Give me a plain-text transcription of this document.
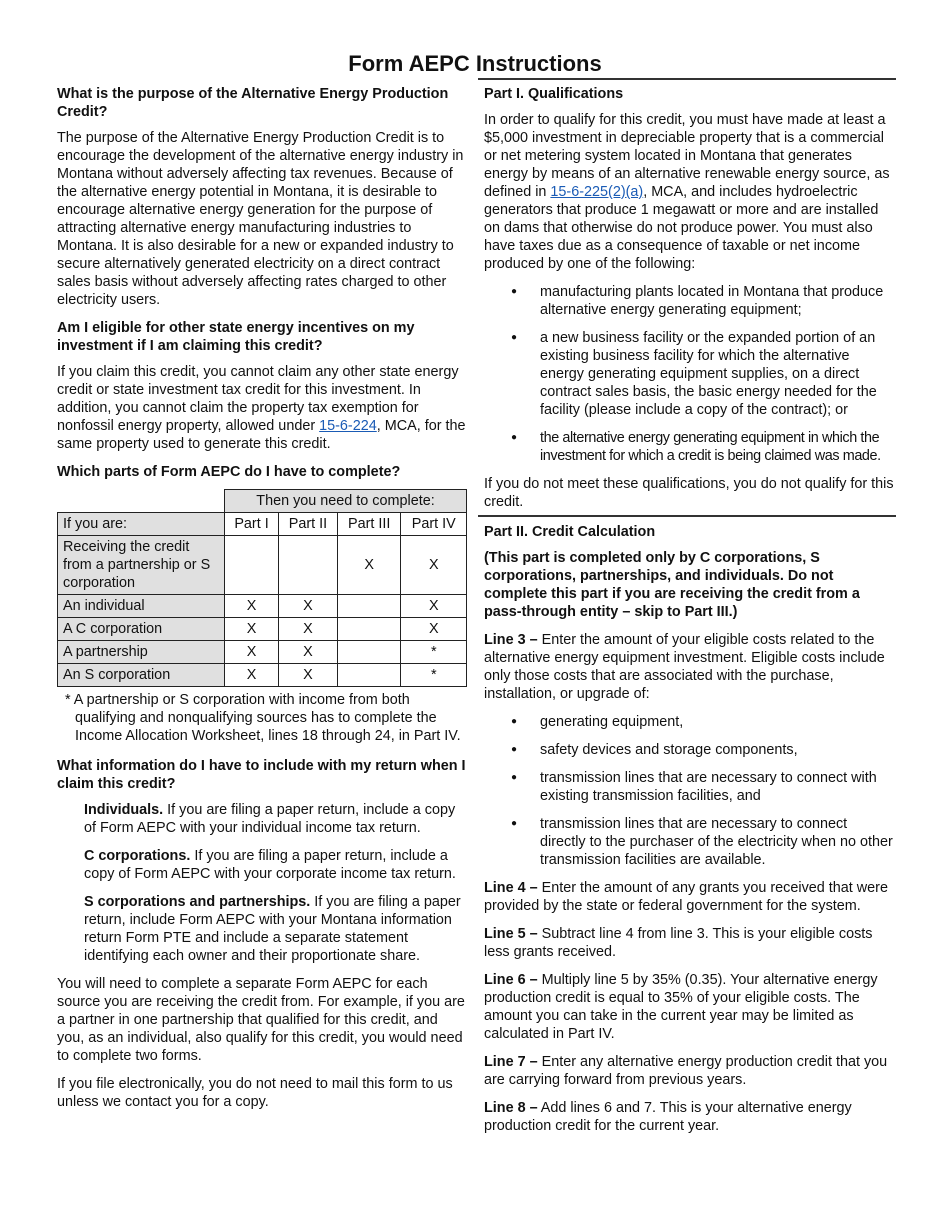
Form AEPC Instructions
What is the purpose of the Alternative Energy Production Credit?

The purpose of the Alternative Energy Production Credit is to encourage the development of the alternative energy industry in Montana without adversely affecting tax revenues. Because of the alternative energy potential in Montana, it is desirable to encourage alternative energy generation for the purpose of attracting alternative energy manufacturing industries to Montana. It is also desirable for a new or expanded industry to secure alternatively generated electricity on a direct contract sales basis without adversely affecting rates charged to other electricity users.

Am I eligible for other state energy incentives on my investment if I am claiming this credit?

If you claim this credit, you cannot claim any other state energy credit or state investment tax credit for this investment. In addition, you cannot claim the property tax exemption for nonfossil energy property, allowed under 15-6-224, MCA, for the same property used to generate this credit.

Which parts of Form AEPC do I have to complete?
	Then you need to complete:			
If you are:	Part I	Part II	Part III	Part IV
Receiving the credit from a partnership or S corporation			X	X
An individual	X	X		X
A C corporation	X	X		X
A partnership	X	X		*
An S corporation	X	X		*

* A partnership or S corporation with income from both qualifying and nonqualifying sources has to complete the Income Allocation Worksheet, lines 18 through 24, in Part IV.

What information do I have to include with my return when I claim this credit?

Individuals. If you are filing a paper return, include a copy of Form AEPC with your individual income tax return.

C corporations. If you are filing a paper return, include a copy of Form AEPC with your corporate income tax return.

S corporations and partnerships. If you are filing a paper return, include Form AEPC with your Montana information return Form PTE and include a separate statement identifying each owner and their proportionate share.

You will need to complete a separate Form AEPC for each source you are receiving the credit from. For example, if you are a partner in one partnership that qualified for this credit, and you, as an individual, also qualify for this credit, you would need to complete two forms.

If you file electronically, you do not need to mail this form to us unless we contact you for a copy.

Part I. Qualifications

In order to qualify for this credit, you must have made at least a $5,000 investment in depreciable property that is a commercial or net metering system located in Montana that generates energy by means of an alternative renewable energy source, as defined in 15-6-225(2)(a), MCA, and includes hydroelectric generators that produce 1 megawatt or more and are installed on dams that otherwise do not produce power. You must also have taxes due as a consequence of taxable or net income produced by one of the following:

● manufacturing plants located in Montana that produce alternative energy generating equipment;
● a new business facility or the expanded portion of an existing business facility for which the alternative energy generating equipment supplies, on a direct contract sales basis, the basic energy needed for the facility (please include a copy of the contract); or
● the alternative energy generating equipment in which the investment for which a credit is being claimed was made.

If you do not meet these qualifications, you do not qualify for this credit.

Part II. Credit Calculation

(This part is completed only by C corporations, S corporations, partnerships, and individuals. Do not complete this part if you are receiving the credit from a pass-through entity – skip to Part III.)

Line 3 – Enter the amount of your eligible costs related to the alternative energy equipment investment. Eligible costs include only those costs that are associated with the purchase, installation, or upgrade of:

● generating equipment,
● safety devices and storage components,
● transmission lines that are necessary to connect with existing transmission facilities, and
● transmission lines that are necessary to connect directly to the purchaser of the electricity when no other transmission facilities are available.

Line 4 – Enter the amount of any grants you received that were provided by the state or federal government for the system.

Line 5 – Subtract line 4 from line 3. This is your eligible costs less grants received.

Line 6 – Multiply line 5 by 35% (0.35). Your alternative energy production credit is equal to 35% of your eligible costs. The amount you can take in the current year may be limited as calculated in Part IV.

Line 7 – Enter any alternative energy production credit that you are carrying forward from previous years.

Line 8 – Add lines 6 and 7. This is your alternative energy production credit for the current year.
